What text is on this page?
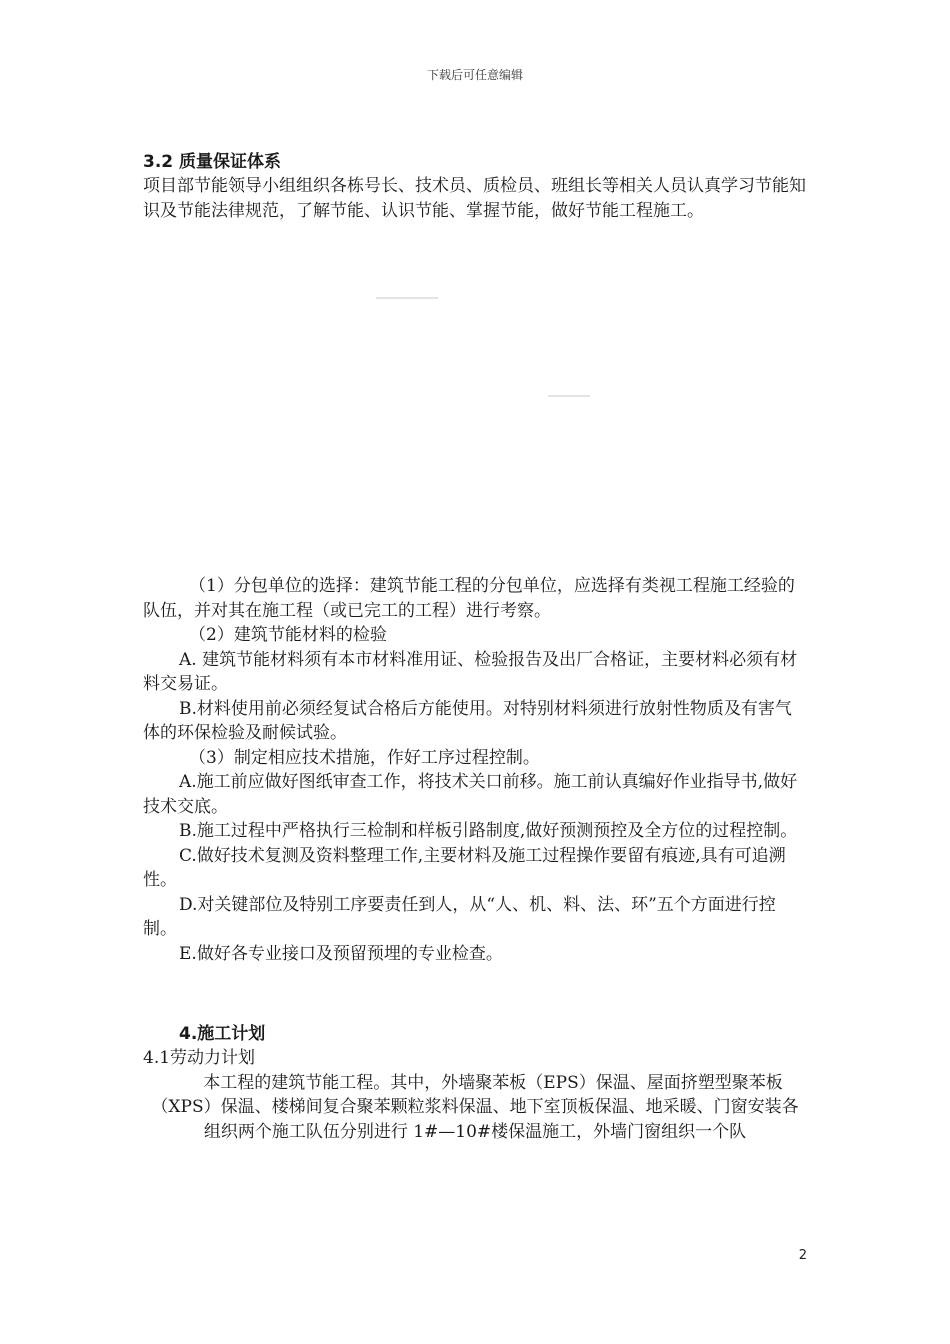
下载后可任意编辑
3.2 质量保证体系

项目部节能领导小组组织各栋号长、技术员、质检员、班组长等相关人员认真学习节能知识及节能法律规范，了解节能、认识节能、掌握节能，做好节能工程施工。

（1）分包单位的选择：建筑节能工程的分包单位，应选择有类视工程施工经验的队伍，并对其在施工程（或已完工的工程）进行考察。

（2）建筑节能材料的检验

A. 建筑节能材料须有本市材料准用证、检验报告及出厂合格证，主要材料必须有材料交易证。

B.材料使用前必须经复试合格后方能使用。对特别材料须进行放射性物质及有害气体的环保检验及耐候试验。

（3）制定相应技术措施，作好工序过程控制。

A.施工前应做好图纸审查工作，将技术关口前移。施工前认真编好作业指导书,做好技术交底。

B.施工过程中严格执行三检制和样板引路制度,做好预测预控及全方位的过程控制。

C.做好技术复测及资料整理工作,主要材料及施工过程操作要留有痕迹,具有可追溯性。

D.对关键部位及特别工序要责任到人，从“人、机、料、法、环”五个方面进行控制。

E.做好各专业接口及预留预埋的专业检查。

4.施工计划

4.1劳动力计划

本工程的建筑节能工程。其中，外墙聚苯板（EPS）保温、屋面挤塑型聚苯板（XPS）保温、楼梯间复合聚苯颗粒浆料保温、地下室顶板保温、地采暖、门窗安装各组织两个施工队伍分别进行 1#—10#楼保温施工，外墙门窗组织一个队

2
